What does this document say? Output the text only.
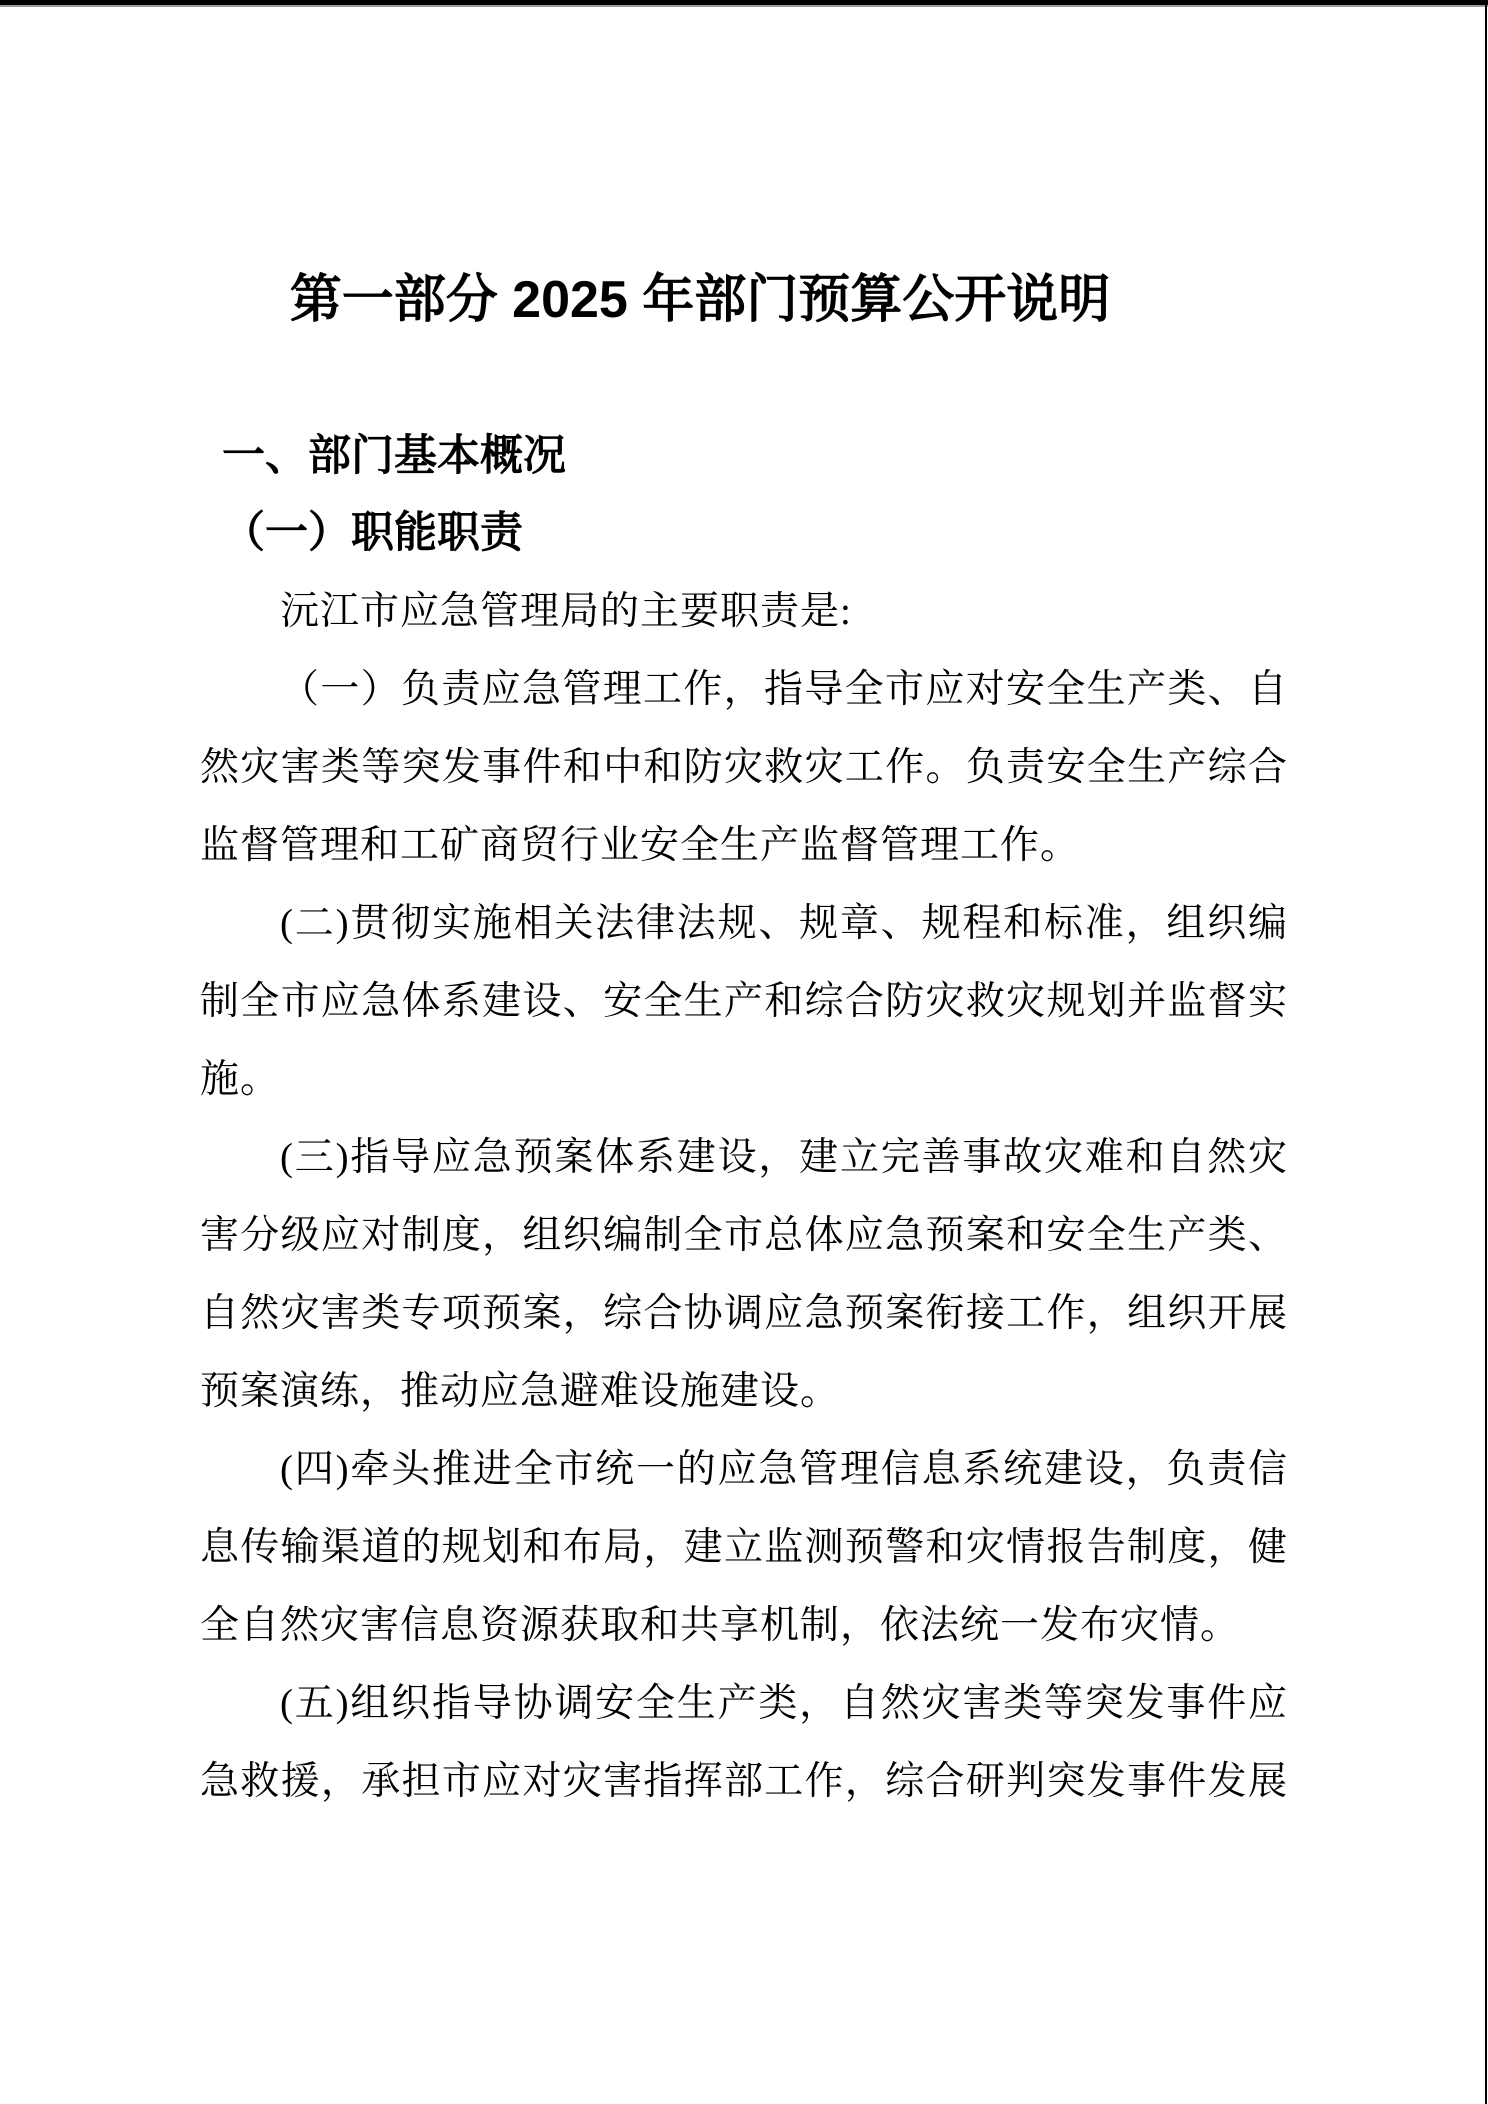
第一部分 2025 年部门预算公开说明
一、部门基本概况
（一）职能职责
沅江市应急管理局的主要职责是:
（一）负责应急管理工作，指导全市应对安全生产类、自
然灾害类等突发事件和中和防灾救灾工作。负责安全生产综合
监督管理和工矿商贸行业安全生产监督管理工作。
(二)贯彻实施相关法律法规、规章、规程和标准，组织编
制全市应急体系建设、安全生产和综合防灾救灾规划并监督实
施。
(三)指导应急预案体系建设，建立完善事故灾难和自然灾
害分级应对制度，组织编制全市总体应急预案和安全生产类、
自然灾害类专项预案，综合协调应急预案衔接工作，组织开展
预案演练，推动应急避难设施建设。
(四)牵头推进全市统一的应急管理信息系统建设，负责信
息传输渠道的规划和布局，建立监测预警和灾情报告制度，健
全自然灾害信息资源获取和共享机制，依法统一发布灾情。
(五)组织指导协调安全生产类，自然灾害类等突发事件应
急救援，承担市应对灾害指挥部工作，综合研判突发事件发展
